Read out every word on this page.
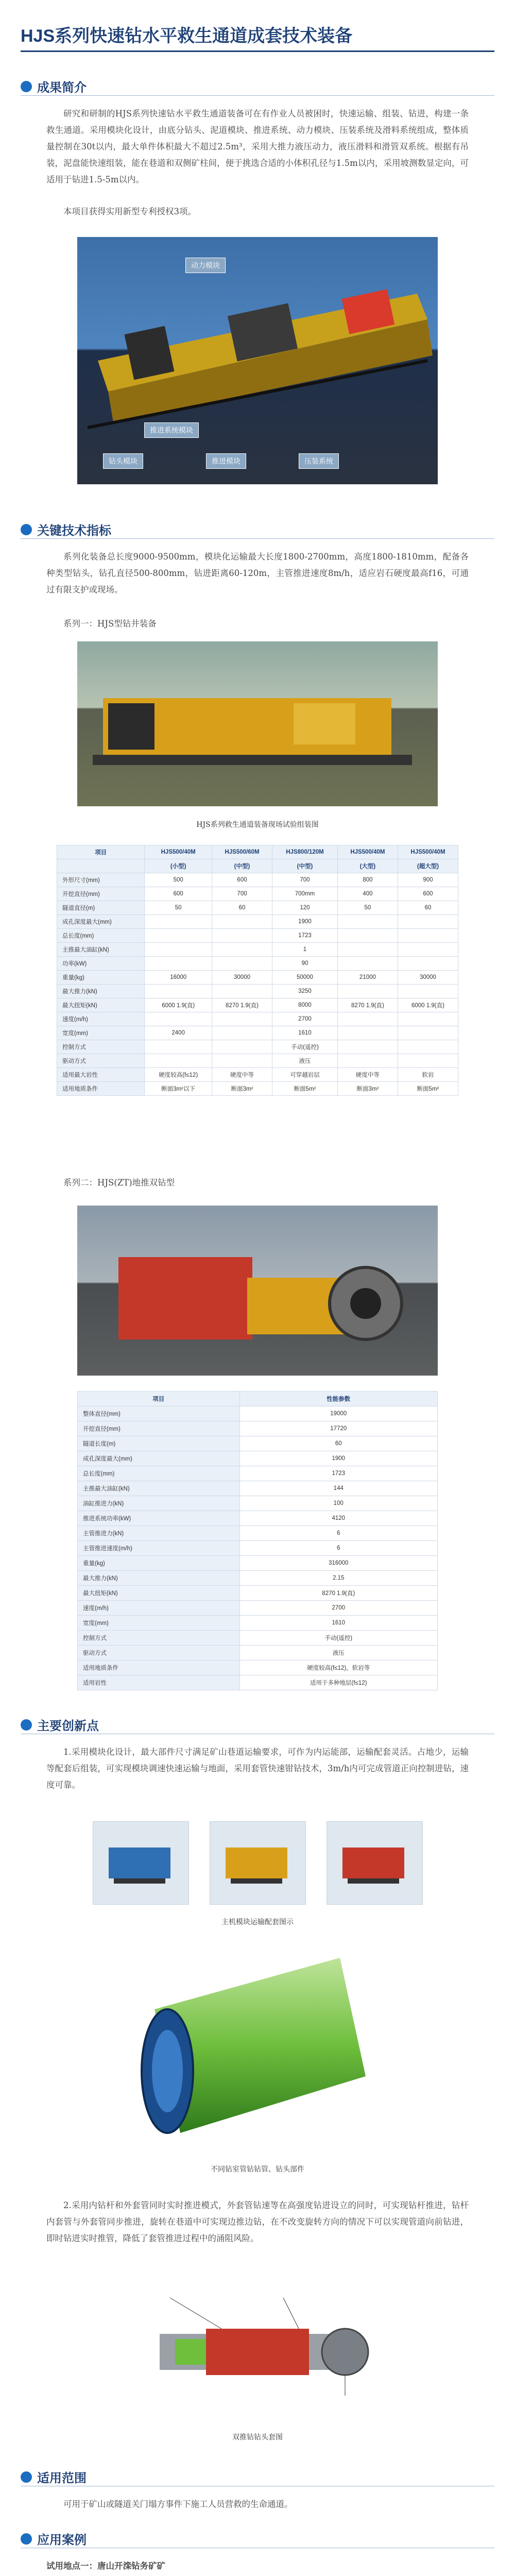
HJS系列快速钻水平救生通道成套技术装备
成果简介
研究和研制的HJS系列快速钻水平救生通道装备可在有作业人员被困时，快速运输、组装、钻进，构建一条救生通道。采用模块化设计，由底分钻头、泥道模块、推进系统、动力模块、压装系统及滑料系统组成，整体质量控制在30t以内，最大单件体积最大不超过2.5m³，采用大推力液压动力，液压滑料和滑管双系统。根据有吊装，泥盘能快速组装，能在巷道和双侧矿柱间，便于挑选合适的小体积孔径与1.5m以内，采用坡测数显定向，可适用于钻进1.5-5m以内。
本项目获得实用新型专利授权3项。
动力模块
推进系统模块
钻头模块	推进模块	压装系统
关键技术指标
系列化装备总长度9000-9500mm，模块化运输最大长度1800-2700mm，高度1800-1810mm，配备各种类型钻头，钻孔直径500-800mm，钻进距离60-120m，主管推进速度8m/h，适应岩石硬度最高f16，可通过有限支护或现场。
系列一：HJS型钻井装备
HJS系列救生通道装备现场试验组装图
项目	HJS500/40M	HJS500/60M	HJS800/120M	HJS500/40M	HJS500/40M
	(小型)	(中型)	(中型)	(大型)	(超大型)
外形尺寸(mm)	500	600	700	800	900
开挖直径(mm)	600	700	700mm	400	600
隧道直径(m)	50	60	120	50	60
成孔深度最大(mm)			1900		
总长度(mm)			1723		
主推最大油缸(kN)			1		
功率(kW)			90		
重量(kg)	16000	30000	50000	21000	30000
最大推力(kN)			3250		
最大扭矩(kN)	6000 1.9(直)	8270 1.9(直)	8000	8270 1.9(直)	6000 1.9(直)
速度(m/h)			2700		
宽度(mm)	2400		1610		
控制方式			手动(遥控)		
驱动方式			液压		
适用最大岩性	硬度较高(f≤12)	硬度中等	可穿越岩层	硬度中等	软岩
适用地质条件	断面3m²以下	断面3m²	断面5m²	断面3m²	断面5m²
系列二：HJS(ZT)地推双钻型
项目	性能参数
整体直径(mm)	19000
开挖直径(mm)	17720
隧道长度(m)	60
成孔深度最大(mm)	1900
总长度(mm)	1723
主推最大油缸(kN)	144
油缸推进力(kN)	100
推进系统功率(kW)	4120
主管推进力(kN)	6
主管推进速度(m/h)	6
重量(kg)	316000
最大推力(kN)	2.15
最大扭矩(kN)	8270 1.9(直)
速度(m/h)	2700
宽度(mm)	1610
控制方式	手动(遥控)
驱动方式	液压
适用地质条件	硬度较高(f≤12)，软岩等
适用岩性	适用于多种地层(f≤12)
主要创新点
1.采用模块化设计，最大部件尺寸满足矿山巷道运输要求，可作为内运能部，运输配套灵活。占地少，运输等配套后组装，可实现模块调速快速运输与地面，采用套管快速钳钻技术，3m/h内可完成管道正向控制进钻，速度可靠。
主机模块运输配套图示
不同钻室管钻钻管、钻头部件
2.采用内钻杆和外套管同时实时推进模式，外套管钻速等在高强度钻进设立的同时，可实现钻杆推进，钻杆内套管与外套管同步推进，旋转在巷道中可实现边推边钻，在不改变旋转方向的情况下可以实现管道向前钻进，即时钻进实时推管，降低了套管推进过程中的涌阻风险。
双推钻钻头套图
适用范围
可用于矿山或隧道关门塌方事件下施工人员营救的生命通道。
应用案例
试用地点一：唐山开滦钻务矿矿
